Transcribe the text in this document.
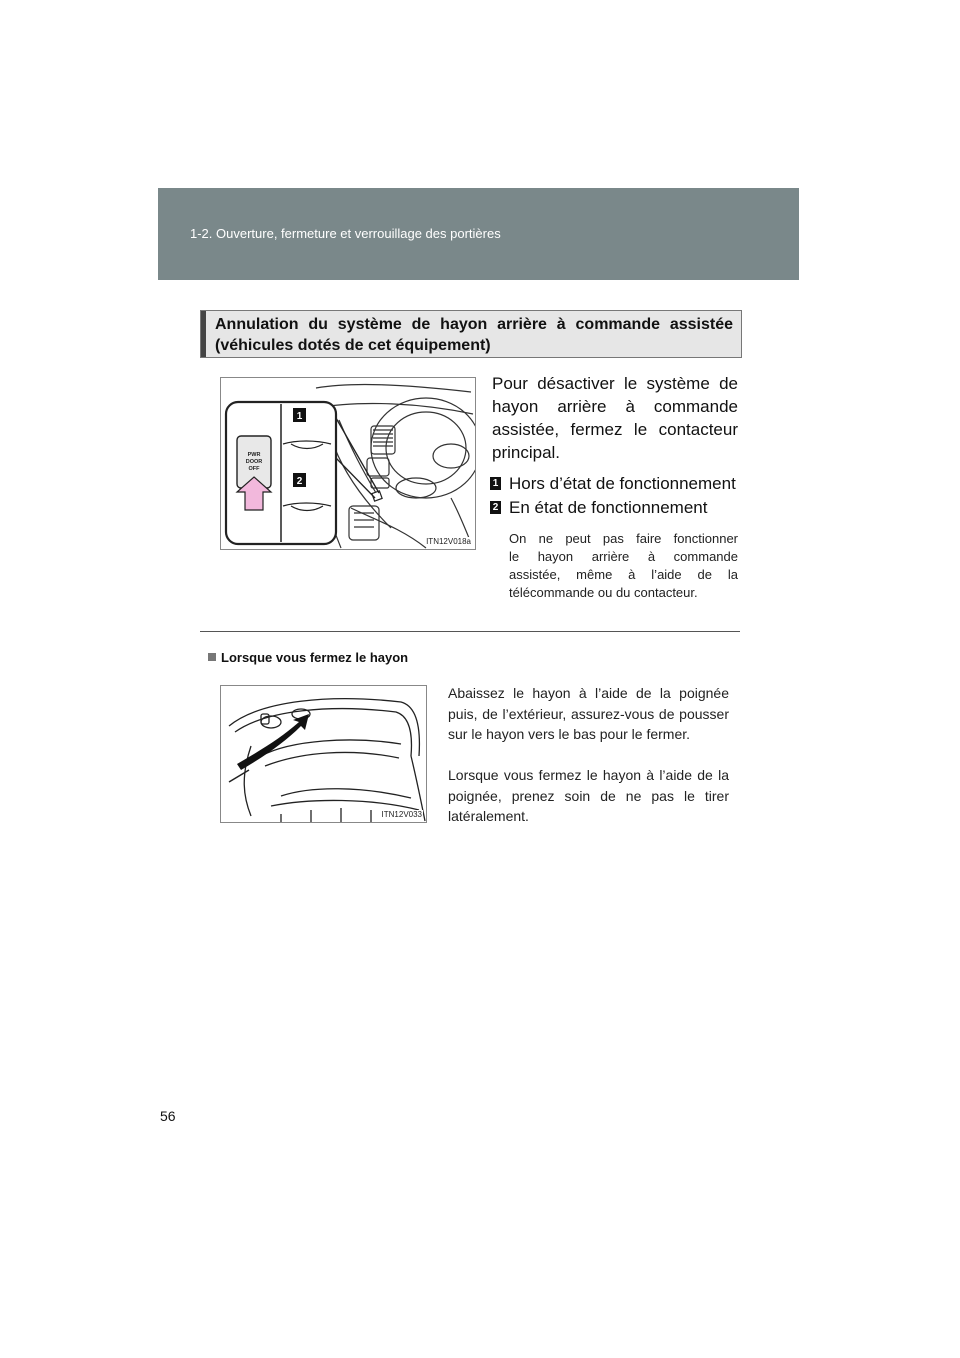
1-2. Ouverture, fermeture et verrouillage des portières
Annulation du système de hayon arrière à commande assistée (véhicules dotés de cet équipement)
PWR
DOOR
OFF
1
2
ITN12V018a
Pour désactiver le système de
hayon arrière à commande
assistée, fermez le contacteur
principal.
1 Hors d’état de fonctionnement
2 En état de fonctionnement
On ne peut pas faire fonctionner
le hayon arrière à commande
assistée, même à l’aide de la
télécommande ou du contacteur.
Lorsque vous fermez le hayon
ITN12V033
Abaissez le hayon à l’aide de la poignée puis, de l’extérieur, assurez-vous de pousser sur le hayon vers le bas pour le fermer.
Lorsque vous fermez le hayon à l’aide de la poignée, prenez soin de ne pas le tirer latéralement.
56
